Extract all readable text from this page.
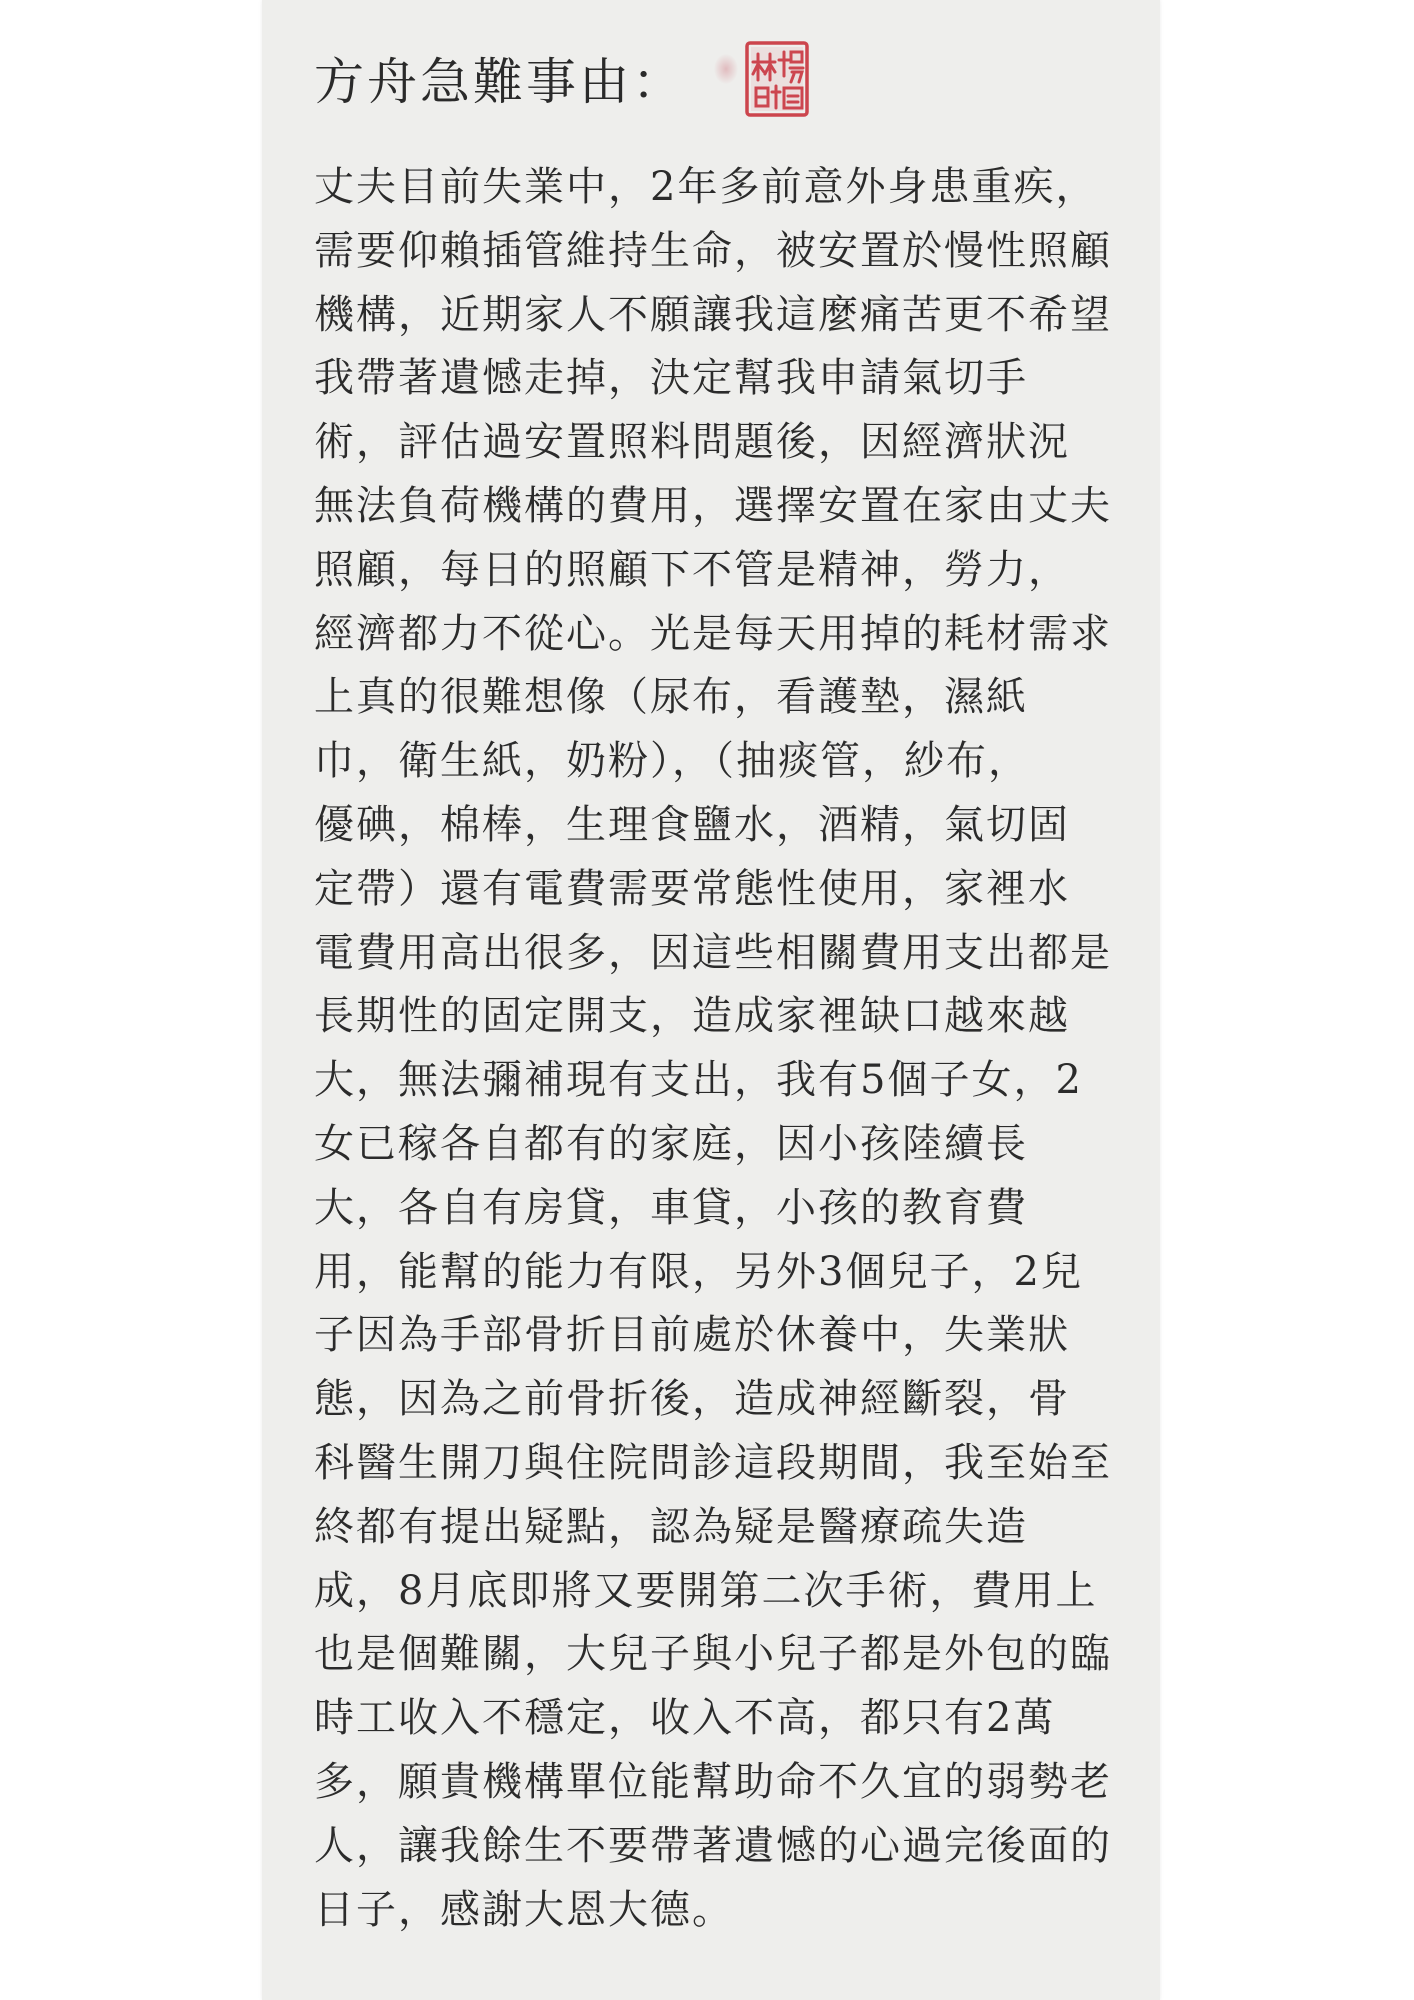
方舟急難事由：

丈夫目前失業中，2年多前意外身患重疾，
需要仰賴插管維持生命，被安置於慢性照顧
機構，近期家人不願讓我這麼痛苦更不希望
我帶著遺憾走掉，決定幫我申請氣切手
術，評估過安置照料問題後，因經濟狀況
無法負荷機構的費用，選擇安置在家由丈夫
照顧，每日的照顧下不管是精神，勞力，
經濟都力不從心。光是每天用掉的耗材需求
上真的很難想像（尿布，看護墊，濕紙
巾，衛生紙，奶粉），（抽痰管，紗布，
優碘，棉棒，生理食鹽水，酒精，氣切固
定帶）還有電費需要常態性使用，家裡水
電費用高出很多，因這些相關費用支出都是
長期性的固定開支，造成家裡缺口越來越
大，無法彌補現有支出，我有5個子女，2
女已稼各自都有的家庭，因小孩陸續長
大，各自有房貸，車貸，小孩的教育費
用，能幫的能力有限，另外3個兒子，2兒
子因為手部骨折目前處於休養中，失業狀
態，因為之前骨折後，造成神經斷裂，骨
科醫生開刀與住院問診這段期間，我至始至
終都有提出疑點，認為疑是醫療疏失造
成，8月底即將又要開第二次手術，費用上
也是個難關，大兒子與小兒子都是外包的臨
時工收入不穩定，收入不高，都只有2萬
多，願貴機構單位能幫助命不久宜的弱勢老
人，讓我餘生不要帶著遺憾的心過完後面的
日子，感謝大恩大德。
